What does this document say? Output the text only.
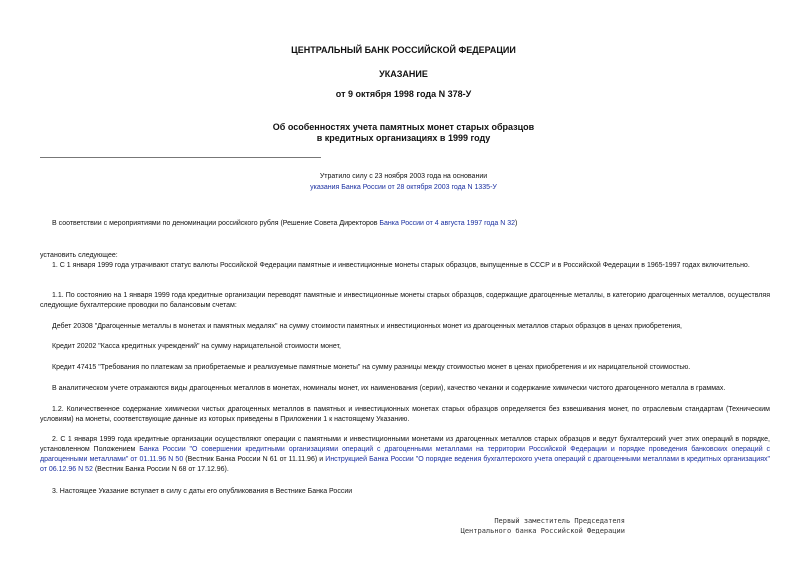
ЦЕНТРАЛЬНЫЙ БАНК РОССИЙСКОЙ ФЕДЕРАЦИИ
УКАЗАНИЕ
от 9 октября 1998 года N 378-У
Об особенностях учета памятных монет старых образцов
в кредитных организациях в 1999 году
Утратило силу с 23 ноября 2003 года на основании
указания Банка России от 28 октября 2003 года N 1335-У
В соответствии с мероприятиями по деноминации российского рубля (Решение Совета Директоров Банка России от 4 августа 1997 года N 32)
установить следующее:
1. С 1 января 1999 года утрачивают статус валюты Российской Федерации памятные и инвестиционные монеты старых образцов, выпущенные в СССР и в Российской Федерации в 1965-1997 годах включительно.
1.1. По состоянию на 1 января 1999 года кредитные организации переводят памятные и инвестиционные монеты старых образцов, содержащие драгоценные металлы, в категорию драгоценных металлов, осуществляя следующие бухгалтерские проводки по балансовым счетам:
Дебет 20308 "Драгоценные металлы в монетах и памятных медалях" на сумму стоимости памятных и инвестиционных монет из драгоценных металлов старых образцов в ценах приобретения,
Кредит 20202 "Касса кредитных учреждений" на сумму нарицательной стоимости монет,
Кредит 47415 "Требования по платежам за приобретаемые и реализуемые памятные монеты" на сумму разницы между стоимостью монет в ценах приобретения и их нарицательной стоимостью.
В аналитическом учете отражаются виды драгоценных металлов в монетах, номиналы монет, их наименования (серии), качество чеканки и содержание химически чистого драгоценного металла в граммах.
1.2. Количественное содержание химически чистых драгоценных металлов в памятных и инвестиционных монетах старых образцов определяется без взвешивания монет, по отраслевым стандартам (Техническим условиям) на монеты, соответствующие данные из которых приведены в Приложении 1 к настоящему Указанию.
2. С 1 января 1999 года кредитные организации осуществляют операции с памятными и инвестиционными монетами из драгоценных металлов старых образцов и ведут бухгалтерский учет этих операций в порядке, установленном Положением Банка России "О совершении кредитными организациями операций с драгоценными металлами на территории Российской Федерации и порядке проведения банковских операций с драгоценными металлами" от 01.11.96 N 50 (Вестник Банка России N 61 от 11.11.96) и Инструкцией Банка России "О порядке ведения бухгалтерского учета операций с драгоценными металлами в кредитных организациях" от 06.12.96 N 52 (Вестник Банка России N 68 от 17.12.96).
3. Настоящее Указание вступает в силу с даты его опубликования в Вестнике Банка России
Первый заместитель Председателя
Центрального банка Российской Федерации
